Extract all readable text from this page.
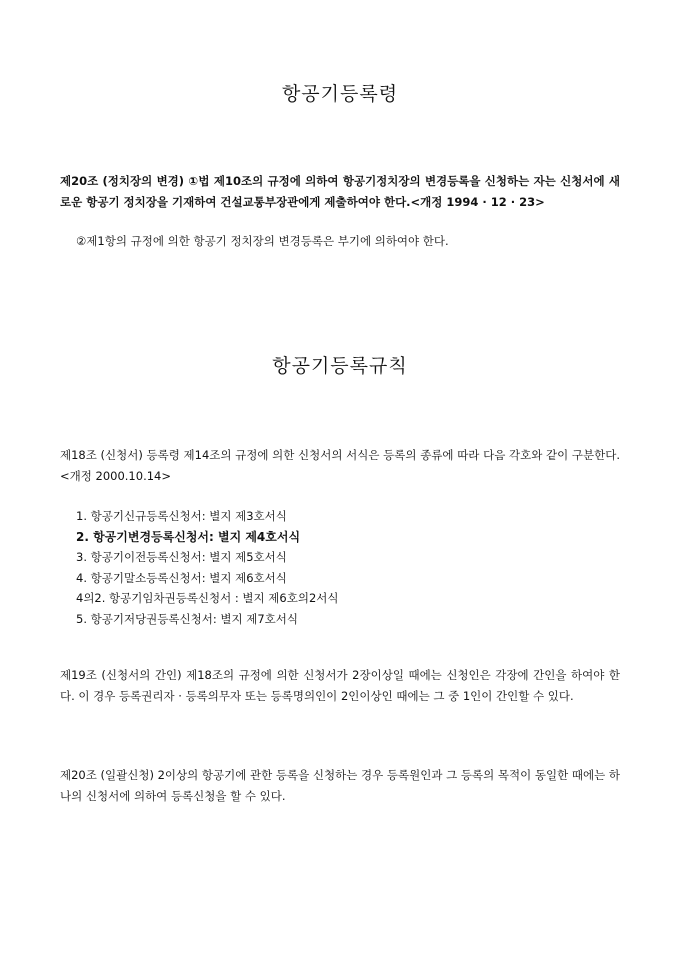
항공기등록령

제20조 (정치장의 변경) ①법 제10조의 규정에 의하여 항공기정치장의 변경등록을 신청하는 자는 신청서에 새로운 항공기 정치장을 기재하여 건설교통부장관에게 제출하여야 한다.<개정 1994 · 12 · 23>

②제1항의 규정에 의한 항공기 정치장의 변경등록은 부기에 의하여야 한다.

항공기등록규칙

제18조 (신청서) 등록령 제14조의 규정에 의한 신청서의 서식은 등록의 종류에 따라 다음 각호와 같이 구분한다.<개정 2000.10.14>

1. 항공기신규등록신청서: 별지 제3호서식
2. 항공기변경등록신청서: 별지 제4호서식
3. 항공기이전등록신청서: 별지 제5호서식
4. 항공기말소등록신청서: 별지 제6호서식
4의2. 항공기임차권등록신청서 : 별지 제6호의2서식
5. 항공기저당권등록신청서: 별지 제7호서식

제19조 (신청서의 간인) 제18조의 규정에 의한 신청서가 2장이상일 때에는 신청인은 각장에 간인을 하여야 한다. 이 경우 등록권리자 · 등록의무자 또는 등록명의인이 2인이상인 때에는 그 중 1인이 간인할 수 있다.

제20조 (일괄신청) 2이상의 항공기에 관한 등록을 신청하는 경우 등록원인과 그 등록의 목적이 동일한 때에는 하나의 신청서에 의하여 등록신청을 할 수 있다.
